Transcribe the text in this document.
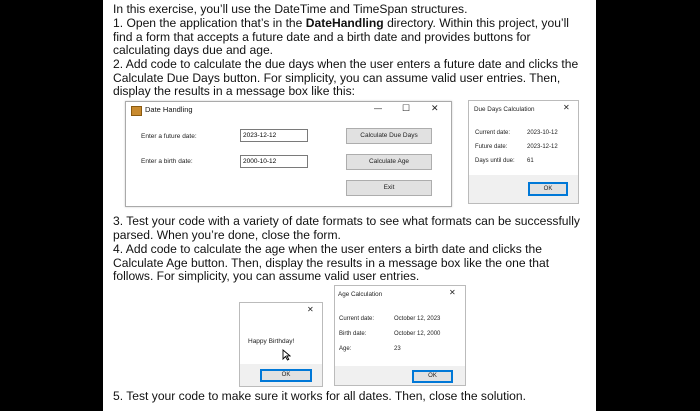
In this exercise, you’ll use the DateTime and TimeSpan structures.

1. Open the application that’s in the DateHandling directory. Within this project, you’ll find a form that accepts a future date and a birth date and provides buttons for calculating days due and age.

2. Add code to calculate the due days when the user enters a future date and clicks the Calculate Due Days button. For simplicity, you can assume valid user entries. Then, display the results in a message box like this:

Date Handling	— ☐ ✕
Enter a future date:	2023-12-12	Calculate Due Days
Enter a birth date:	2000-10-12	Calculate Age
Exit
Due Days Calculation	✕
Current date:	2023-10-12
Future date:	2023-12-12
Days until due: 61
OK

3. Test your code with a variety of date formats to see what formats can be successfully parsed. When you’re done, close the form.

4. Add code to calculate the age when the user enters a birth date and clicks the Calculate Age button. Then, display the results in a message box like the one that follows. For simplicity, you can assume valid user entries.

✕
Happy Birthday!
OK
Age Calculation	✕
Current date:	October 12, 2023
Birth date:	October 12, 2000
Age:	23
OK

5. Test your code to make sure it works for all dates. Then, close the solution.
